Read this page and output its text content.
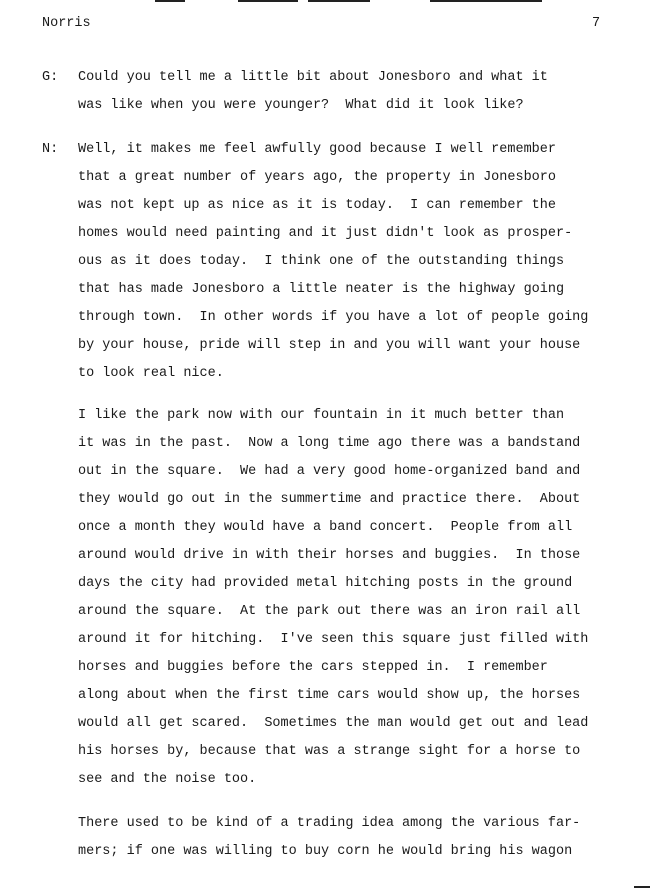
Norris	7
G: Could you tell me a little bit about Jonesboro and what it
was like when you were younger?  What did it look like?
N: Well, it makes me feel awfully good because I well remember
that a great number of years ago, the property in Jonesboro
was not kept up as nice as it is today.  I can remember the
homes would need painting and it just didn't look as prosper-
ous as it does today.  I think one of the outstanding things
that has made Jonesboro a little neater is the highway going
through town.  In other words if you have a lot of people going
by your house, pride will step in and you will want your house
to look real nice.
I like the park now with our fountain in it much better than
it was in the past.  Now a long time ago there was a bandstand
out in the square.  We had a very good home-organized band and
they would go out in the summertime and practice there.  About
once a month they would have a band concert.  People from all
around would drive in with their horses and buggies.  In those
days the city had provided metal hitching posts in the ground
around the square.  At the park out there was an iron rail all
around it for hitching.  I've seen this square just filled with
horses and buggies before the cars stepped in.  I remember
along about when the first time cars would show up, the horses
would all get scared.  Sometimes the man would get out and lead
his horses by, because that was a strange sight for a horse to
see and the noise too.
There used to be kind of a trading idea among the various far-
mers; if one was willing to buy corn he would bring his wagon
